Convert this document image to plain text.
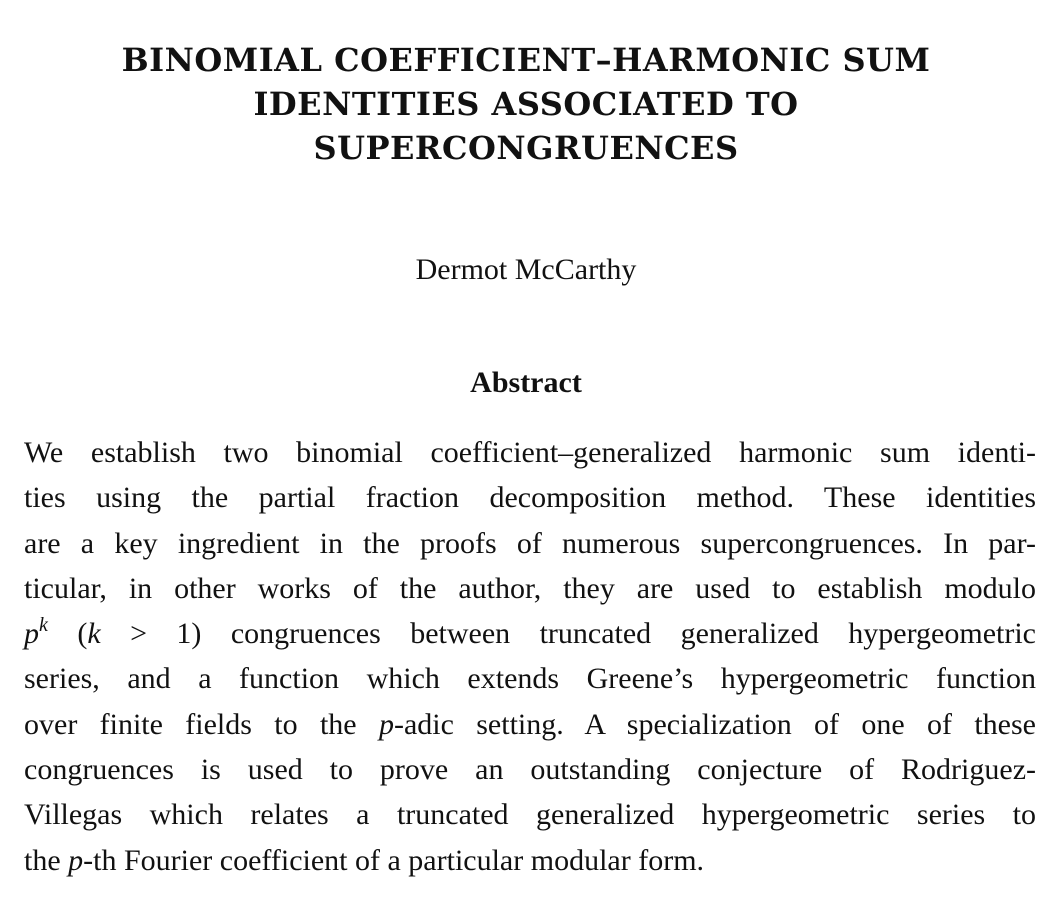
BINOMIAL COEFFICIENT–HARMONIC SUM
IDENTITIES ASSOCIATED TO
SUPERCONGRUENCES
Dermot McCarthy
Abstract
We establish two binomial coefficient–generalized harmonic sum identi-
ties using the partial fraction decomposition method. These identities
are a key ingredient in the proofs of numerous supercongruences. In par-
ticular, in other works of the author, they are used to establish modulo
$p^k$ (k > 1) congruences between truncated generalized hypergeometric
series, and a function which extends Greene’s hypergeometric function
over finite fields to the p-adic setting. A specialization of one of these
congruences is used to prove an outstanding conjecture of Rodriguez-
Villegas which relates a truncated generalized hypergeometric series to
the p-th Fourier coefficient of a particular modular form.
